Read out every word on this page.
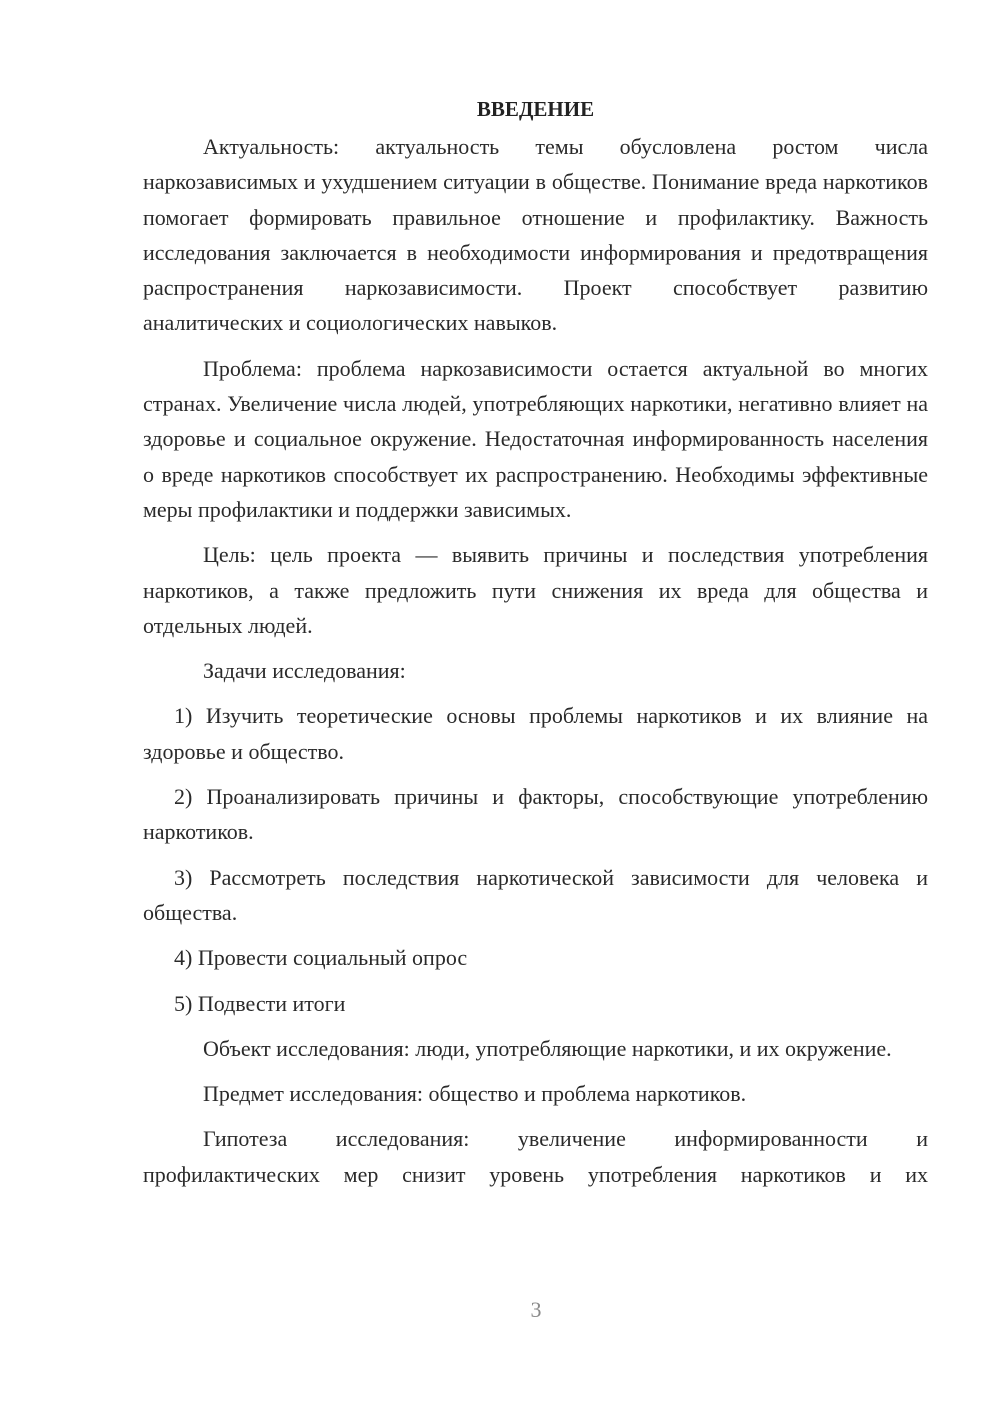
ВВЕДЕНИЕ

Актуальность: актуальность темы обусловлена ростом числа наркозависимых и ухудшением ситуации в обществе. Понимание вреда наркотиков помогает формировать правильное отношение и профилактику. Важность исследования заключается в необходимости информирования и предотвращения распространения наркозависимости. Проект способствует развитию аналитических и социологических навыков.

Проблема: проблема наркозависимости остается актуальной во многих странах. Увеличение числа людей, употребляющих наркотики, негативно влияет на здоровье и социальное окружение. Недостаточная информированность населения о вреде наркотиков способствует их распространению. Необходимы эффективные меры профилактики и поддержки зависимых.

Цель: цель проекта — выявить причины и последствия употребления наркотиков, а также предложить пути снижения их вреда для общества и отдельных людей.

Задачи исследования:

1) Изучить теоретические основы проблемы наркотиков и их влияние на здоровье и общество.

2) Проанализировать причины и факторы, способствующие употреблению наркотиков.

3) Рассмотреть последствия наркотической зависимости для человека и общества.

4) Провести социальный опрос

5) Подвести итоги

Объект исследования: люди, употребляющие наркотики, и их окружение.

Предмет исследования: общество и проблема наркотиков.

Гипотеза исследования: увеличение информированности и профилактических мер снизит уровень употребления наркотиков и их

3
